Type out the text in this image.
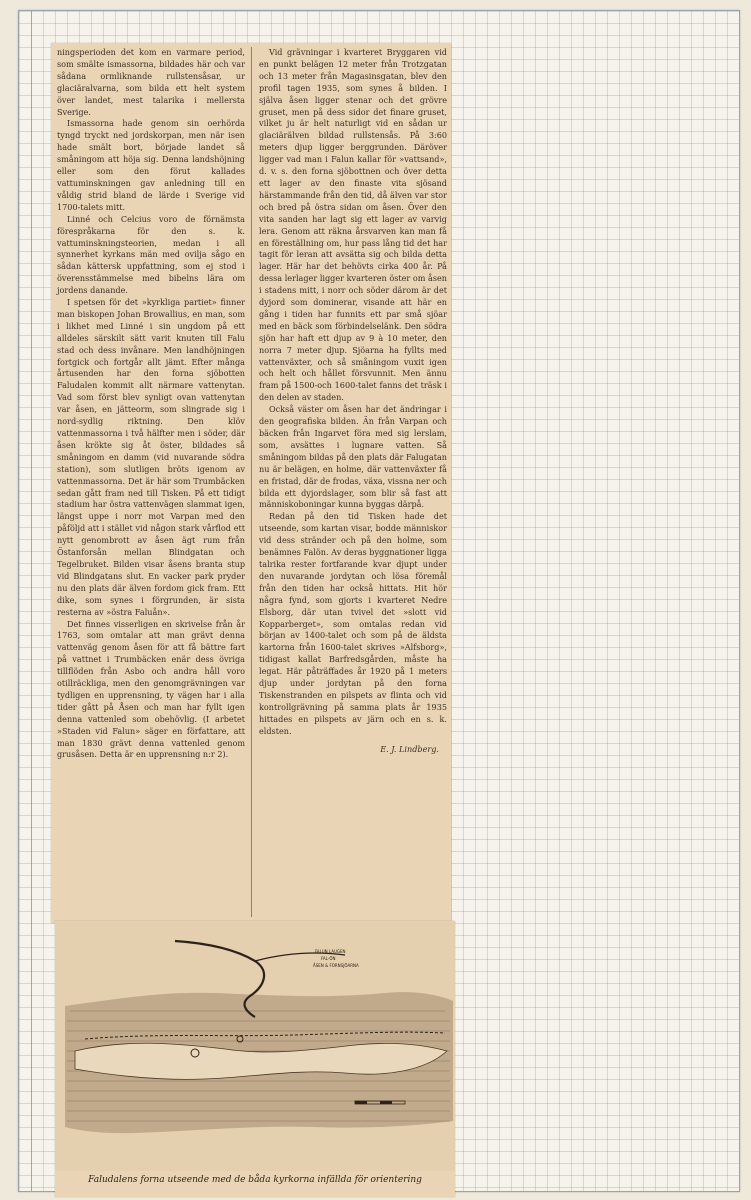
ningsperioden det kom en varmare period, som smälte ismassorna, bildades här och var sådana ormliknande rullstensåsar, ur glaciäralvarna, som bilda ett helt system över landet, mest talarika i mellersta Sverige.

Ismassorna hade genom sin oerhörda tyngd tryckt ned jordskorpan, men när isen hade smält bort, började landet så småningom att höja sig. Denna landshöjning eller som den förut kallades vattuminskningen gav anledning till en våldig strid bland de lärde i Sverige vid 1700-talets mitt.

Linné och Celcius voro de förnämsta förespråkarna för den s. k. vattuminskningsteorien, medan i all synnerhet kyrkans män med ovilja sågo en sådan kättersk uppfattning, som ej stod i överensstämmelse med bibelns lära om jordens danande.

I spetsen för det »kyrkliga partiet» finner man biskopen Johan Browallius, en man, som i likhet med Linné i sin ungdom på ett alldeles särskilt sätt varit knuten till Falu stad och dess invånare. Men landhöjningen fortgick och fortgår allt jämt. Efter många årtusenden har den forna sjöbotten Faludalen kommit allt närmare vattenytan. Vad som först blev synligt ovan vattenytan var åsen, en jätteorm, som slingrade sig i nord-sydlig riktning. Den klöv vattenmassorna i två hälfter men i söder, där åsen krökte sig åt öster, bildades så småningom en damm (vid nuvarande södra station), som slutligen bröts igenom av vattenmassorna. Det är här som Trumbäcken sedan gått fram ned till Tisken. På ett tidigt stadium har östra vattenvägen slammat igen, längst uppe i norr mot Varpan med den påföljd att i stället vid någon stark vårflod ett nytt genombrott av åsen ägt rum från Östanforsån mellan Blindgatan och Tegelbruket. Bilden visar åsens branta stup vid Blindgatans slut. En vacker park pryder nu den plats där älven fordom gick fram. Ett dike, som synes i förgrunden, är sista resterna av »östra Faluån».

Det finnes visserligen en skrivelse från år 1763, som omtalar att man grävt denna vattenväg genom åsen för att få bättre fart på vattnet i Trumbäcken enär dess övriga tillflöden från Asbo och andra håll voro otillräckliga, men den genomgrävningen var tydligen en upprensning, ty vägen har i alla tider gått på Åsen och man har fyllt igen denna vattenled som obehövlig. (I arbetet »Staden vid Falun» säger en författare, att man 1830 grävt denna vattenled genom grusåsen. Detta är en upprensning n:r 2).

Vid grävningar i kvarteret Bryggaren vid en punkt belägen 12 meter från Trotzgatan och 13 meter från Magasinsgatan, blev den profil tagen 1935, som synes å bilden. I själva åsen ligger stenar och det grövre gruset, men på dess sidor det finare gruset, vilket ju är helt naturligt vid en sådan ur glaciärälven bildad rullstensås. På 3:60 meters djup ligger berggrunden. Däröver ligger vad man i Falun kallar för »vattsand», d. v. s. den forna sjöbottnen och över detta ett lager av den finaste vita sjösand härstammande från den tid, då älven var stor och bred på östra sidan om åsen. Över den vita sanden har lagt sig ett lager av varvig lera. Genom att räkna årsvarven kan man få en föreställning om, hur pass lång tid det har tagit för leran att avsätta sig och bilda detta lager. Här har det behövts cirka 400 år. På dessa lerlager ligger kvarteren öster om åsen i stadens mitt, i norr och söder därom är det dyjord som dominerar, visande att här en gång i tiden har funnits ett par små sjöar med en bäck som förbindelselänk. Den södra sjön har haft ett djup av 9 à 10 meter, den norra 7 meter djup. Sjöarna ha fyllts med vattenväxter, och så småningom vuxit igen och helt och hållet försvunnit. Men ännu fram på 1500-och 1600-talet fanns det träsk i den delen av staden.

Också väster om åsen har det ändringar i den geografiska bilden. Än från Varpan och bäcken från Ingarvet föra med sig lerslam, som, avsättes i lugnare vatten. Så småningom bildas på den plats där Falugatan nu är belägen, en holme, där vattenväxter få en fristad, där de frodas, växa, vissna ner och bilda ett dyjordslager, som blir så fast att människoboningar kunna byggas därpå.

Redan på den tid Tisken hade det utseende, som kartan visar, bodde människor vid dess stränder och på den holme, som benämnes Falön. Av deras byggnationer ligga talrika rester fortfarande kvar djupt under den nuvarande jordytan och lösa föremål från den tiden har också hittats. Hit hör några fynd, som gjorts i kvarteret Nedre Elsborg, där utan tvivel det »slott vid Kopparberget», som omtalas redan vid början av 1400-talet och som på de äldsta kartorna från 1600-talet skrives »Alfsborg», tidigast kallat Barfredsgården, måste ha legat. Här påträffades år 1920 på 1 meters djup under jordytan på den forna Tiskenstranden en pilspets av flinta och vid kontrollgrävning på samma plats år 1935 hittades en pilspets av järn och en s. k. eldsten.

E. J. Lindberg.
FALUN LAUGEN
FAL-ÖN
ÅSEN & FORNSJÖARNA
Faludalens forna utseende med de båda kyrkorna infällda för orientering
